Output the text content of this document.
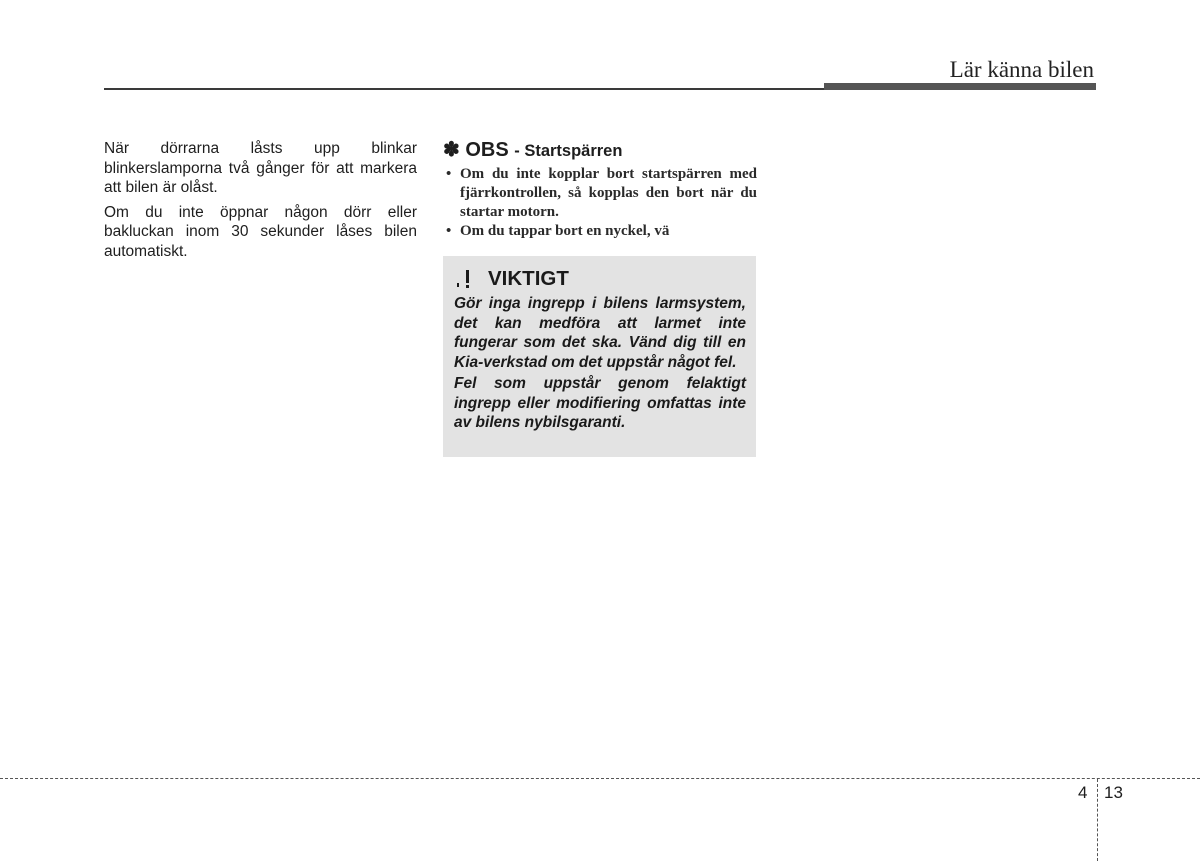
Lär känna bilen

När dörrarna låsts upp blinkar blinkerslamporna två gånger för att markera att bilen är olåst.

Om du inte öppnar någon dörr eller bakluckan inom 30 sekunder låses bilen automatiskt.

✽ OBS - Startspärren
• Om du inte kopplar bort startspärren med fjärrkontrollen, så kopplas den bort när du startar motorn.
• Om du tappar bort en nyckel, vä
VIKTIGT

Gör inga ingrepp i bilens larmsystem, det kan medföra att larmet inte fungerar som det ska. Vänd dig till en Kia-verkstad om det uppstår något fel.

Fel som uppstår genom felaktigt ingrepp eller modifiering omfattas inte av bilens nybilsgaranti.

4 13
